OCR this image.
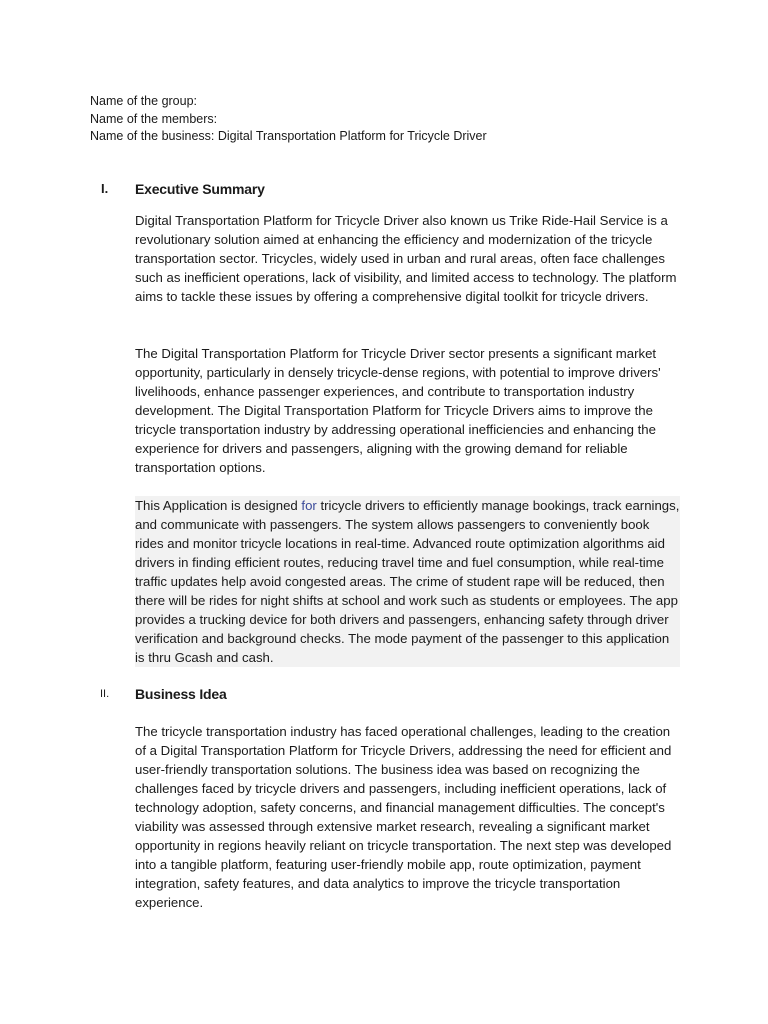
Name of the group:
Name of the members:
Name of the business: Digital Transportation Platform for Tricycle Driver
I. Executive Summary

Digital Transportation Platform for Tricycle Driver also known us Trike Ride-Hail Service is a revolutionary solution aimed at enhancing the efficiency and modernization of the tricycle transportation sector. Tricycles, widely used in urban and rural areas, often face challenges such as inefficient operations, lack of visibility, and limited access to technology. The platform aims to tackle these issues by offering a comprehensive digital toolkit for tricycle drivers.

The Digital Transportation Platform for Tricycle Driver sector presents a significant market opportunity, particularly in densely tricycle-dense regions, with potential to improve drivers' livelihoods, enhance passenger experiences, and contribute to transportation industry development. The Digital Transportation Platform for Tricycle Drivers aims to improve the tricycle transportation industry by addressing operational inefficiencies and enhancing the experience for drivers and passengers, aligning with the growing demand for reliable transportation options.

This Application is designed for tricycle drivers to efficiently manage bookings, track earnings, and communicate with passengers. The system allows passengers to conveniently book rides and monitor tricycle locations in real-time. Advanced route optimization algorithms aid drivers in finding efficient routes, reducing travel time and fuel consumption, while real-time traffic updates help avoid congested areas. The crime of student rape will be reduced, then there will be rides for night shifts at school and work such as students or employees. The app provides a trucking device for both drivers and passengers, enhancing safety through driver verification and background checks. The mode payment of the passenger to this application is thru Gcash and cash.

II. Business Idea

The tricycle transportation industry has faced operational challenges, leading to the creation of a Digital Transportation Platform for Tricycle Drivers, addressing the need for efficient and user-friendly transportation solutions. The business idea was based on recognizing the challenges faced by tricycle drivers and passengers, including inefficient operations, lack of technology adoption, safety concerns, and financial management difficulties. The concept's viability was assessed through extensive market research, revealing a significant market opportunity in regions heavily reliant on tricycle transportation. The next step was developed into a tangible platform, featuring user-friendly mobile app, route optimization, payment integration, safety features, and data analytics to improve the tricycle transportation experience.
